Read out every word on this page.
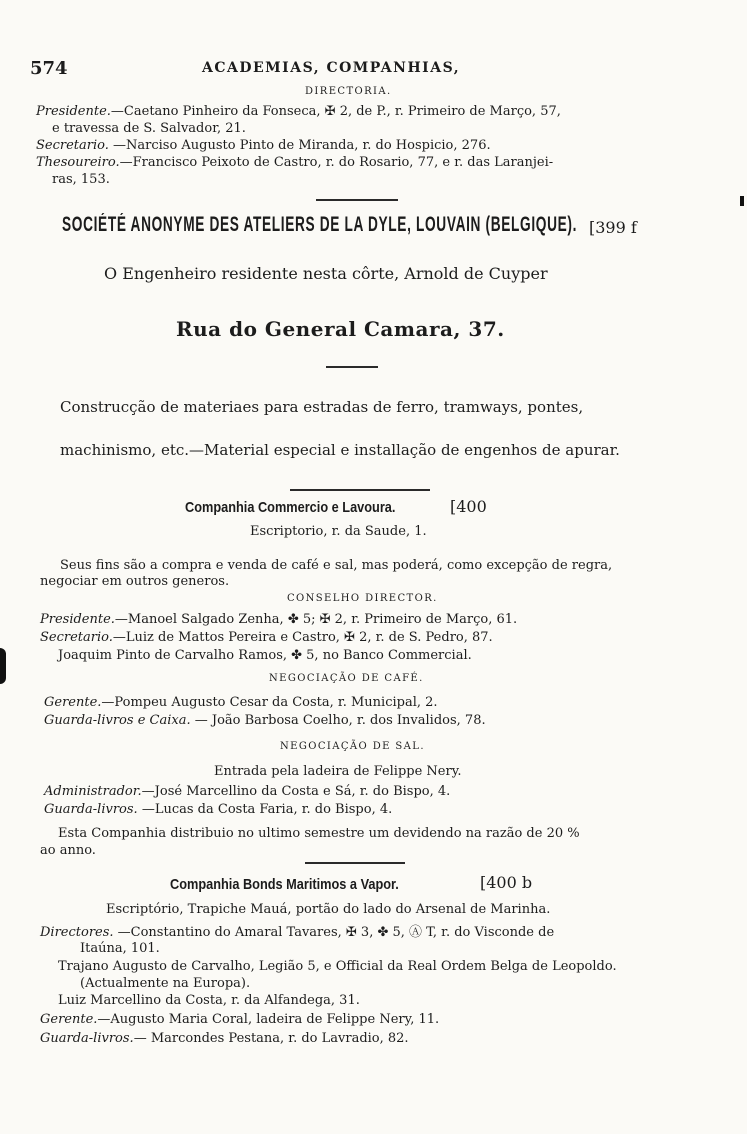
574	ACADEMIAS, COMPANHIAS,
DIRECTORIA.
Presidente.—Caetano Pinheiro da Fonseca, ✠ 2, de P., r. Primeiro de Março, 57,
e travessa de S. Salvador, 21.
Secretario. —Narciso Augusto Pinto de Miranda, r. do Hospicio, 276.
Thesoureiro.—Francisco Peixoto de Castro, r. do Rosario, 77, e r. das Laranjei-
ras, 153.
SOCIÉTÉ ANONYME DES ATELIERS DE LA DYLE, LOUVAIN (BELGIQUE). [399 f
O Engenheiro residente nesta côrte, Arnold de Cuyper
Rua do General Camara, 37.
Construcção de materiaes para estradas de ferro, tramways, pontes,
machinismo, etc.—Material especial e installação de engenhos de apurar.
Companhia Commercio e Lavoura.	[400
Escriptorio, r. da Saude, 1.
Seus fins são a compra e venda de café e sal, mas poderá, como excepção de regra,
negociar em outros generos.
CONSELHO DIRECTOR.
Presidente.—Manoel Salgado Zenha, ✤ 5; ✠ 2, r. Primeiro de Março, 61.
Secretario.—Luiz de Mattos Pereira e Castro, ✠ 2, r. de S. Pedro, 87.
Joaquim Pinto de Carvalho Ramos, ✤ 5, no Banco Commercial.
NEGOCIAÇÃO DE CAFÉ.
Gerente.—Pompeu Augusto Cesar da Costa, r. Municipal, 2.
Guarda-livros e Caixa. — João Barbosa Coelho, r. dos Invalidos, 78.
NEGOCIAÇÃO DE SAL.
Entrada pela ladeira de Felippe Nery.
Administrador.—José Marcellino da Costa e Sá, r. do Bispo, 4.
Guarda-livros. —Lucas da Costa Faria, r. do Bispo, 4.
Esta Companhia distribuio no ultimo semestre um devidendo na razão de 20 %
ao anno.
Companhia Bonds Maritimos a Vapor.	[400 b
Escriptório, Trapiche Mauá, portão do lado do Arsenal de Marinha.
Directores. —Constantino do Amaral Tavares, ✠ 3, ✤ 5, Ⓐ T, r. do Visconde de
Itaúna, 101.
Trajano Augusto de Carvalho, Legião 5, e Official da Real Ordem Belga de Leopoldo.
(Actualmente na Europa).
Luiz Marcellino da Costa, r. da Alfandega, 31.
Gerente.—Augusto Maria Coral, ladeira de Felippe Nery, 11.
Guarda-livros.— Marcondes Pestana, r. do Lavradio, 82.
